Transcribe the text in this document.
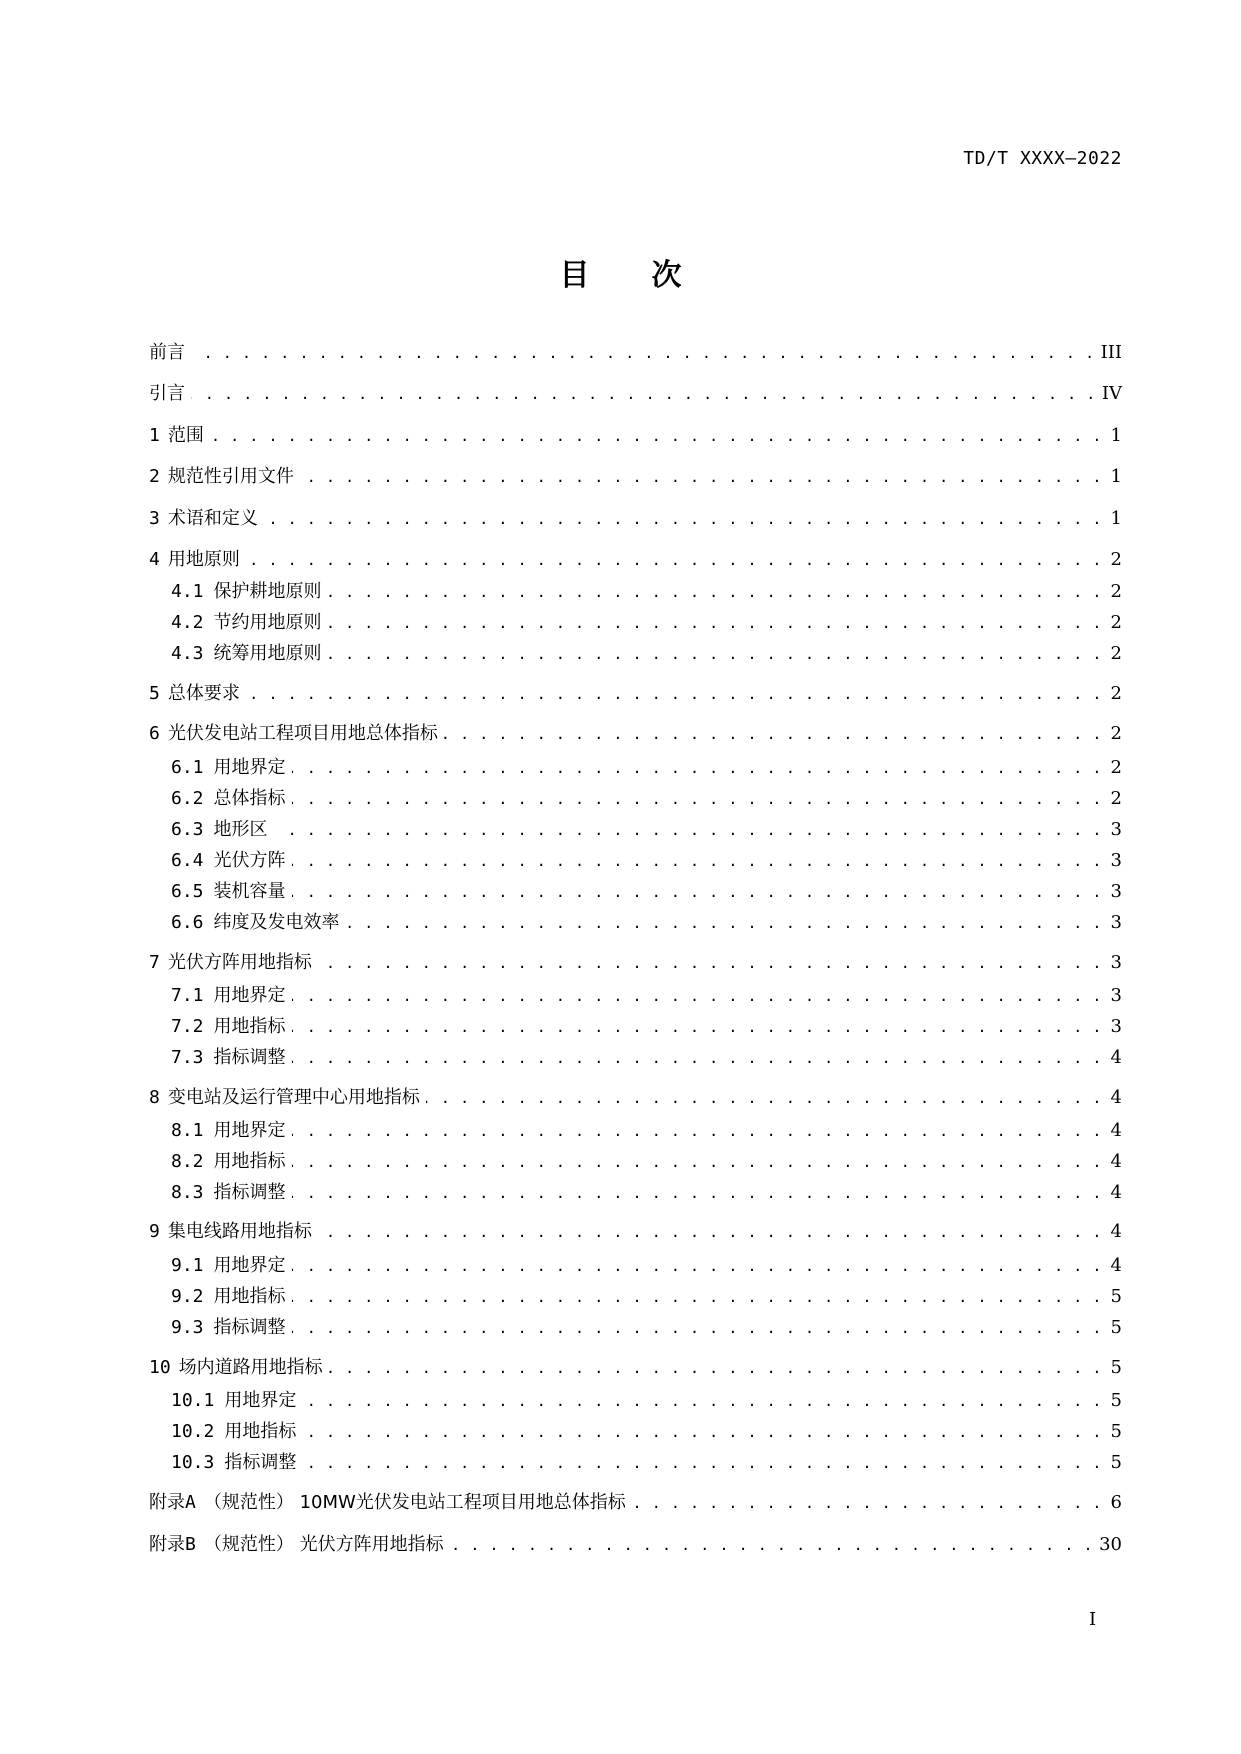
TD/T XXXX—2022
目 次
前言 . . .	III
引言 . . .	IV
1 范围 . . .	1
2 规范性引用文件 . . .	1
3 术语和定义 . . .	1
4 用地原则 . . .	2
4.1 保护耕地原则 . . .	2
4.2 节约用地原则 . . .	2
4.3 统筹用地原则 . . .	2
5 总体要求 . . .	2
6 光伏发电站工程项目用地总体指标 . . .	2
6.1 用地界定 . . .	2
6.2 总体指标 . . .	2
6.3 地形区 . . .	3
6.4 光伏方阵 . . .	3
6.5 装机容量 . . .	3
6.6 纬度及发电效率 . . .	3
7 光伏方阵用地指标 . . .	3
7.1 用地界定 . . .	3
7.2 用地指标 . . .	3
7.3 指标调整 . . .	4
8 变电站及运行管理中心用地指标 . . .	4
8.1 用地界定 . . .	4
8.2 用地指标 . . .	4
8.3 指标调整 . . .	4
9 集电线路用地指标 . . .	4
9.1 用地界定 . . .	4
9.2 用地指标 . . .	5
9.3 指标调整 . . .	5
10 场内道路用地指标 . . .	5
10.1 用地界定 . . .	5
10.2 用地指标 . . .	5
10.3 指标调整 . . .	5
附录A （规范性） 10MW光伏发电站工程项目用地总体指标 . . .	6
附录B （规范性） 光伏方阵用地指标 . . .	30
I
